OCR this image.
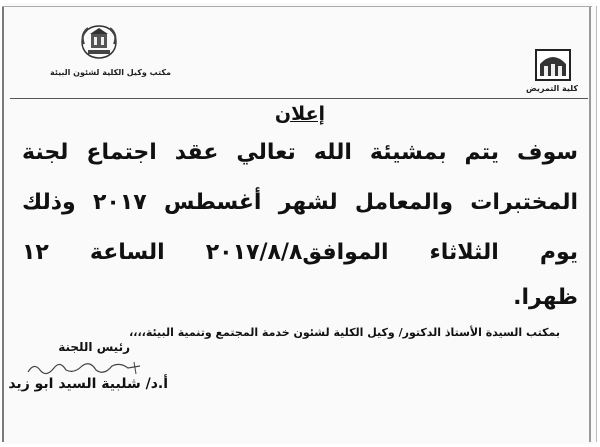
مكتب وكيل الكلية لشئون البيئة
كلية التمريض
إعلان
سوف يتم بمشيئة الله تعالي عقد اجتماع لجنة
المختبرات والمعامل لشهر أغسطس ٢٠١٧ وذلك
يوم الثلاثاء الموافق٢٠١٧/٨/٨ الساعة ١٢
ظهرا.
بمكتب السيدة الأستاذ الدكتور/ وكيل الكلية لشئون خدمة المجتمع وتنمية البيئة،،،،
رئيس اللجنة
أ.د/ شلبية السيد ابو زيد
